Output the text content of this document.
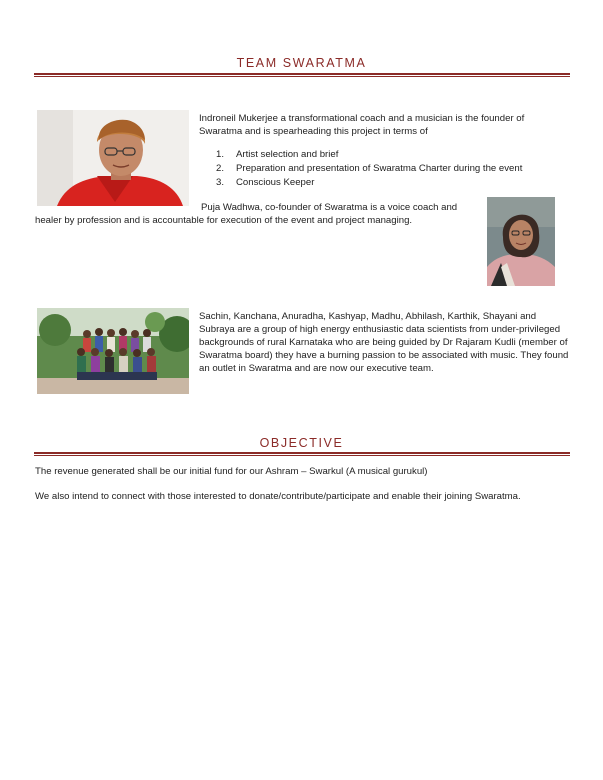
TEAM SWARATMA
Indroneil Mukerjee a transformational coach and a musician is the founder of Swaratma and is spearheading this project in terms of
1. Artist selection and brief
2. Preparation and presentation of Swaratma Charter during the event
3. Conscious Keeper
Puja Wadhwa, co-founder of Swaratma is a voice coach and
healer by profession and is accountable for execution of the event and project managing.
Sachin, Kanchana, Anuradha, Kashyap, Madhu, Abhilash, Karthik, Shayani and Subraya are a group of high energy enthusiastic data scientists from under-privileged backgrounds of rural Karnataka who are being guided by Dr Rajaram Kudli (member of Swaratma board) they have a burning passion to be associated with music. They found an outlet in Swaratma and are now our executive team.
OBJECTIVE
The revenue generated shall be our initial fund for our Ashram – Swarkul (A musical gurukul)
We also intend to connect with those interested to donate/contribute/participate and enable their joining Swaratma.
